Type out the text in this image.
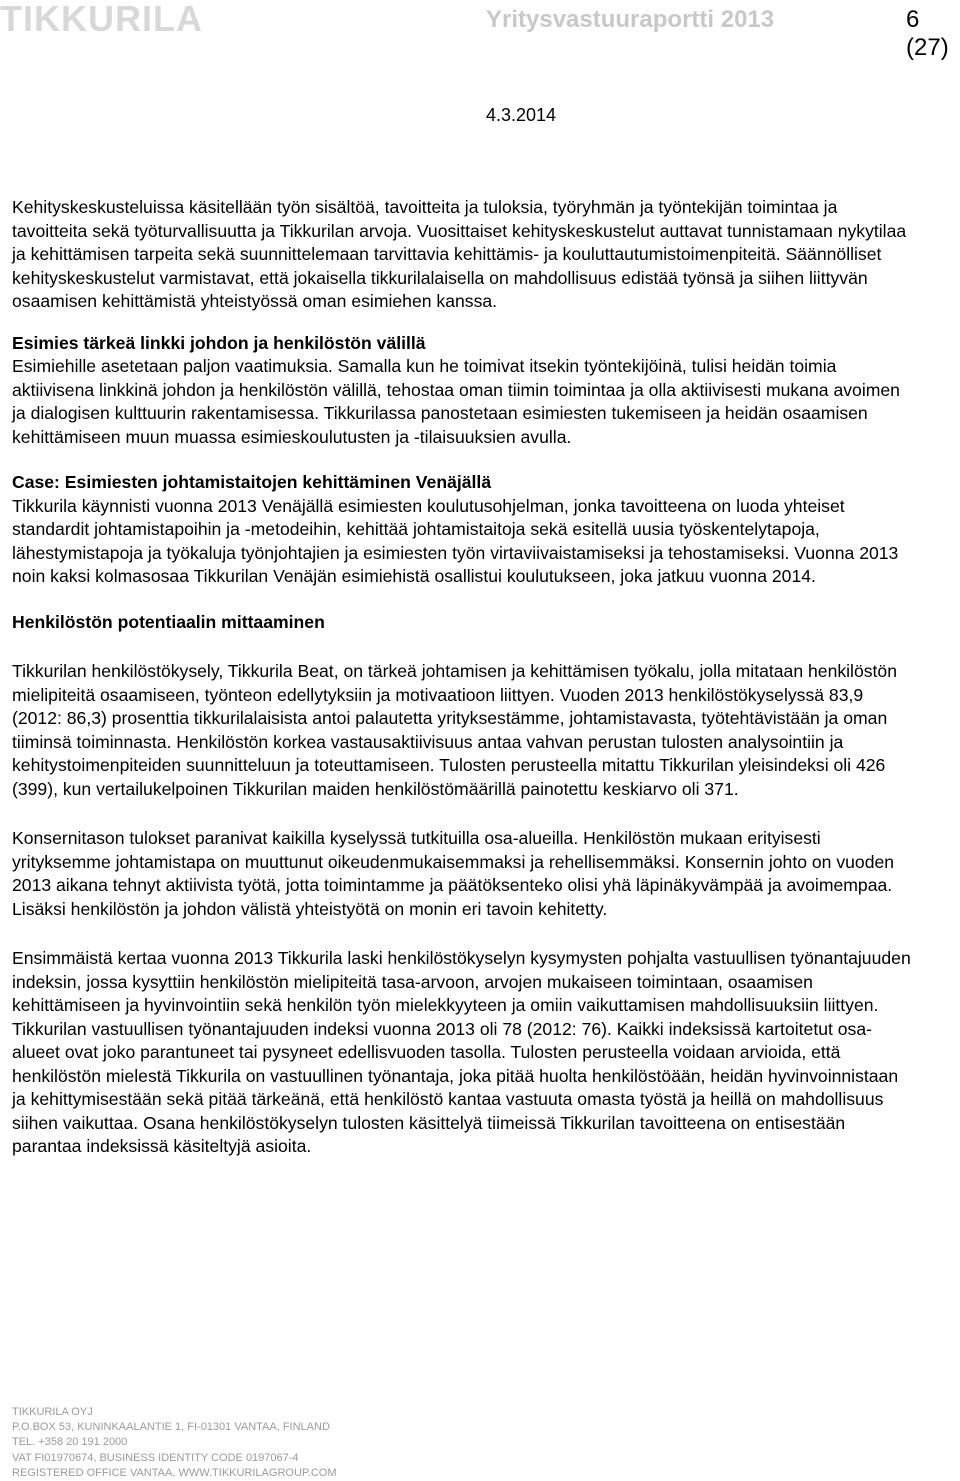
TIKKURILA	Yritysvastuuraportti 2013	6 (27)
4.3.2014

Kehityskeskusteluissa käsitellään työn sisältöä, tavoitteita ja tuloksia, työryhmän ja työntekijän toimintaa ja tavoitteita sekä työturvallisuutta ja Tikkurilan arvoja. Vuosittaiset kehityskeskustelut auttavat tunnistamaan nykytilaa ja kehittämisen tarpeita sekä suunnittelemaan tarvittavia kehittämis- ja kouluttautumistoimenpiteitä. Säännölliset kehityskeskustelut varmistavat, että jokaisella tikkurilalaisella on mahdollisuus edistää työnsä ja siihen liittyvän osaamisen kehittämistä yhteistyössä oman esimiehen kanssa.

Esimies tärkeä linkki johdon ja henkilöstön välillä

Esimiehille asetetaan paljon vaatimuksia. Samalla kun he toimivat itsekin työntekijöinä, tulisi heidän toimia aktiivisena linkkinä johdon ja henkilöstön välillä, tehostaa oman tiimin toimintaa ja olla aktiivisesti mukana avoimen ja dialogisen kulttuurin rakentamisessa. Tikkurilassa panostetaan esimiesten tukemiseen ja heidän osaamisen kehittämiseen muun muassa esimieskoulutusten ja -tilaisuuksien avulla.

Case: Esimiesten johtamistaitojen kehittäminen Venäjällä

Tikkurila käynnisti vuonna 2013 Venäjällä esimiesten koulutusohjelman, jonka tavoitteena on luoda yhteiset standardit johtamistapoihin ja -metodeihin, kehittää johtamistaitoja sekä esitellä uusia työskentelytapoja, lähestymistapoja ja työkaluja työnjohtajien ja esimiesten työn virtaviivaistamiseksi ja tehostamiseksi. Vuonna 2013 noin kaksi kolmasosaa Tikkurilan Venäjän esimiehistä osallistui koulutukseen, joka jatkuu vuonna 2014.

Henkilöstön potentiaalin mittaaminen

Tikkurilan henkilöstökysely, Tikkurila Beat, on tärkeä johtamisen ja kehittämisen työkalu, jolla mitataan henkilöstön mielipiteitä osaamiseen, työnteon edellytyksiin ja motivaatioon liittyen. Vuoden 2013 henkilöstökyselyssä 83,9 (2012: 86,3) prosenttia tikkurilalaisista antoi palautetta yrityksestämme, johtamistavasta, työtehtävistään ja oman tiiminsä toiminnasta. Henkilöstön korkea vastausaktiivisuus antaa vahvan perustan tulosten analysointiin ja kehitystoimenpiteiden suunnitteluun ja toteuttamiseen. Tulosten perusteella mitattu Tikkurilan yleisindeksi oli 426 (399), kun vertailukelpoinen Tikkurilan maiden henkilöstömäärillä painotettu keskiarvo oli 371.

Konsernitason tulokset paranivat kaikilla kyselyssä tutkituilla osa-alueilla. Henkilöstön mukaan erityisesti yrityksemme johtamistapa on muuttunut oikeudenmukaisemmaksi ja rehellisemmäksi. Konsernin johto on vuoden 2013 aikana tehnyt aktiivista työtä, jotta toimintamme ja päätöksenteko olisi yhä läpinäkyvämpää ja avoimempaa. Lisäksi henkilöstön ja johdon välistä yhteistyötä on monin eri tavoin kehitetty.

Ensimmäistä kertaa vuonna 2013 Tikkurila laski henkilöstökyselyn kysymysten pohjalta vastuullisen työnantajuuden indeksin, jossa kysyttiin henkilöstön mielipiteitä tasa-arvoon, arvojen mukaiseen toimintaan, osaamisen kehittämiseen ja hyvinvointiin sekä henkilön työn mielekkyyteen ja omiin vaikuttamisen mahdollisuuksiin liittyen. Tikkurilan vastuullisen työnantajuuden indeksi vuonna 2013 oli 78 (2012: 76). Kaikki indeksissä kartoitetut osa-alueet ovat joko parantuneet tai pysyneet edellisvuoden tasolla. Tulosten perusteella voidaan arvioida, että henkilöstön mielestä Tikkurila on vastuullinen työnantaja, joka pitää huolta henkilöstöään, heidän hyvinvoinnistaan ja kehittymisestään sekä pitää tärkeänä, että henkilöstö kantaa vastuuta omasta työstä ja heillä on mahdollisuus siihen vaikuttaa. Osana henkilöstökyselyn tulosten käsittelyä tiimeissä Tikkurilan tavoitteena on entisestään parantaa indeksissä käsiteltyjä asioita.

TIKKURILA OYJ
P.O.BOX 53, KUNINKAALANTIE 1, FI-01301 VANTAA, FINLAND
TEL. +358 20 191 2000
VAT FI01970674, BUSINESS IDENTITY CODE 0197067-4
REGISTERED OFFICE VANTAA, WWW.TIKKURILAGROUP.COM
